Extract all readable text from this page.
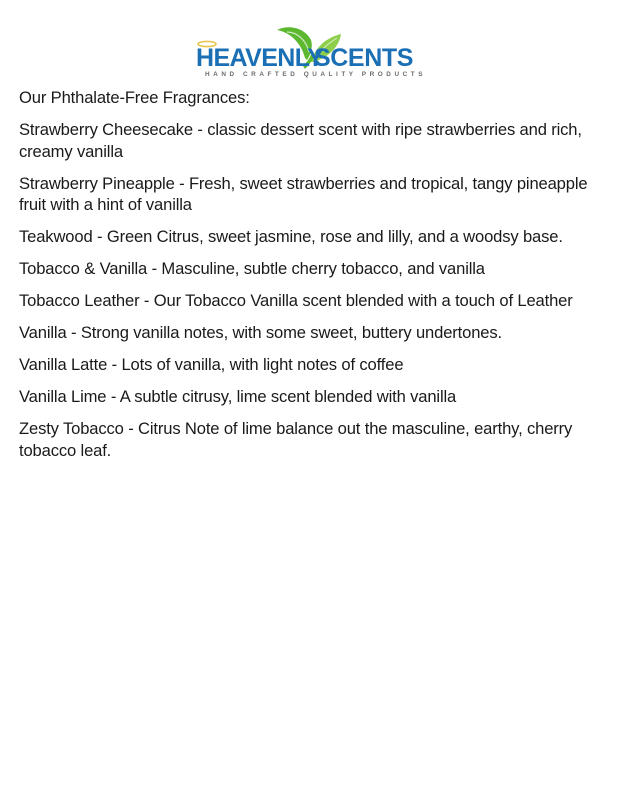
HEAVENLY
SCENTS
HAND CRAFTED QUALITY PRODUCTS

Our Phthalate-Free Fragrances:

Strawberry Cheesecake - classic dessert scent with ripe strawberries and rich, creamy vanilla

Strawberry Pineapple - Fresh, sweet strawberries and tropical, tangy pineapple fruit with a hint of vanilla

Teakwood - Green Citrus, sweet jasmine, rose and lilly, and a woodsy base.

Tobacco & Vanilla - Masculine, subtle cherry tobacco, and vanilla

Tobacco Leather - Our Tobacco Vanilla scent blended with a touch of Leather

Vanilla - Strong vanilla notes, with some sweet, buttery undertones.

Vanilla Latte - Lots of vanilla, with light notes of coffee

Vanilla Lime - A subtle citrusy, lime scent blended with vanilla

Zesty Tobacco - Citrus Note of lime balance out the masculine, earthy, cherry tobacco leaf.
